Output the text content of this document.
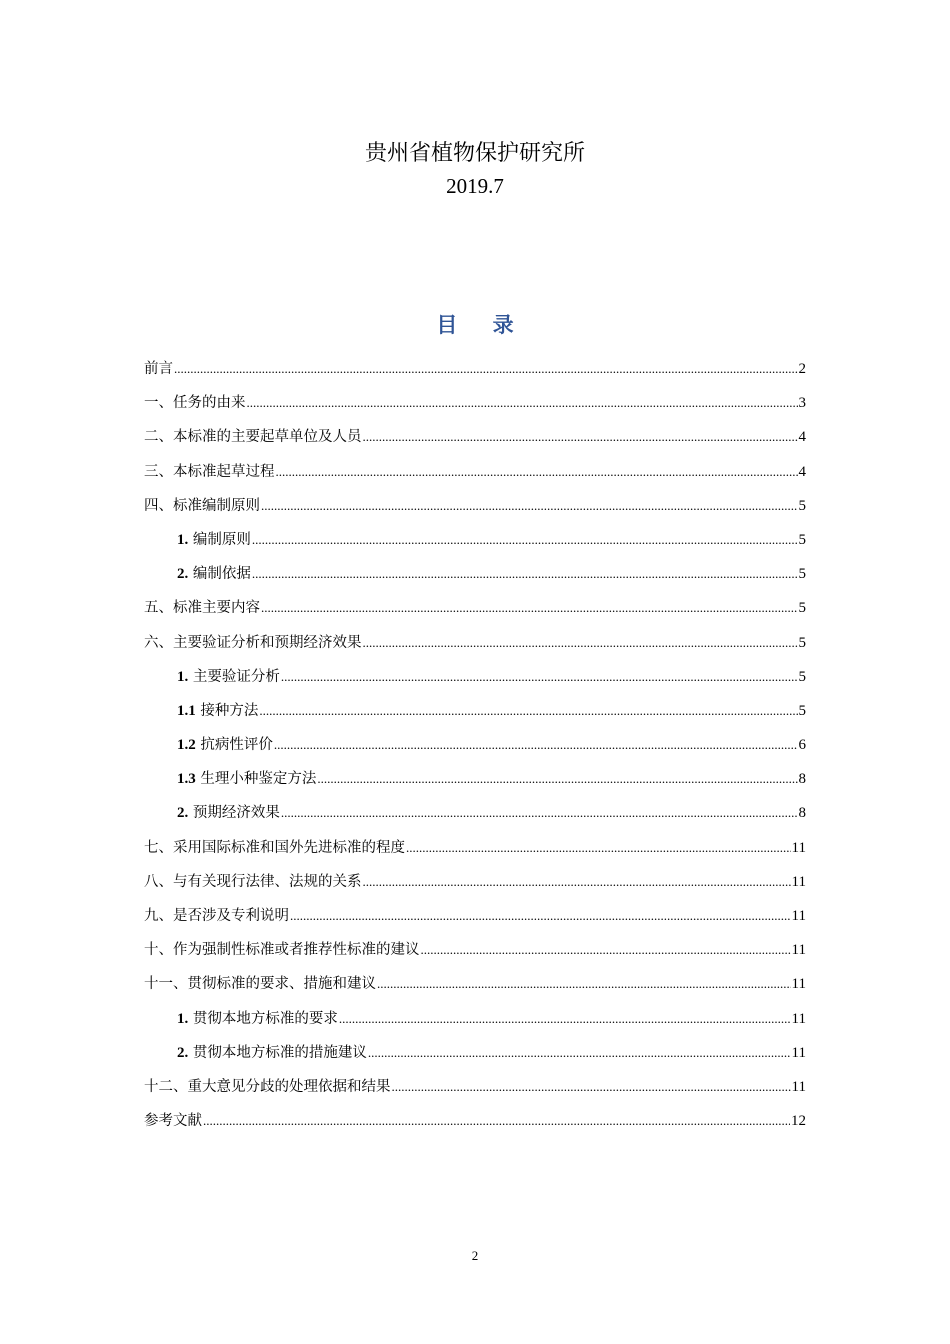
贵州省植物保护研究所
2019.7
目 录
前言 .....	2
一、任务的由来 .....	3
二、本标准的主要起草单位及人员 .....	4
三、本标准起草过程 .....	4
四、标准编制原则 .....	5
1. 编制原则 .....	5
2. 编制依据 .....	5
五、标准主要内容 .....	5
六、主要验证分析和预期经济效果 .....	5
1. 主要验证分析 .....	5
1.1 接种方法 .....	5
1.2 抗病性评价 .....	6
1.3 生理小种鉴定方法 .....	8
2. 预期经济效果 .....	8
七、采用国际标准和国外先进标准的程度 .....	11
八、与有关现行法律、法规的关系 .....	11
九、是否涉及专利说明 .....	11
十、作为强制性标准或者推荐性标准的建议 .....	11
十一、贯彻标准的要求、措施和建议 .....	11
1. 贯彻本地方标准的要求 .....	11
2. 贯彻本地方标准的措施建议 .....	11
十二、重大意见分歧的处理依据和结果 .....	11
参考文献 .....	12
2
